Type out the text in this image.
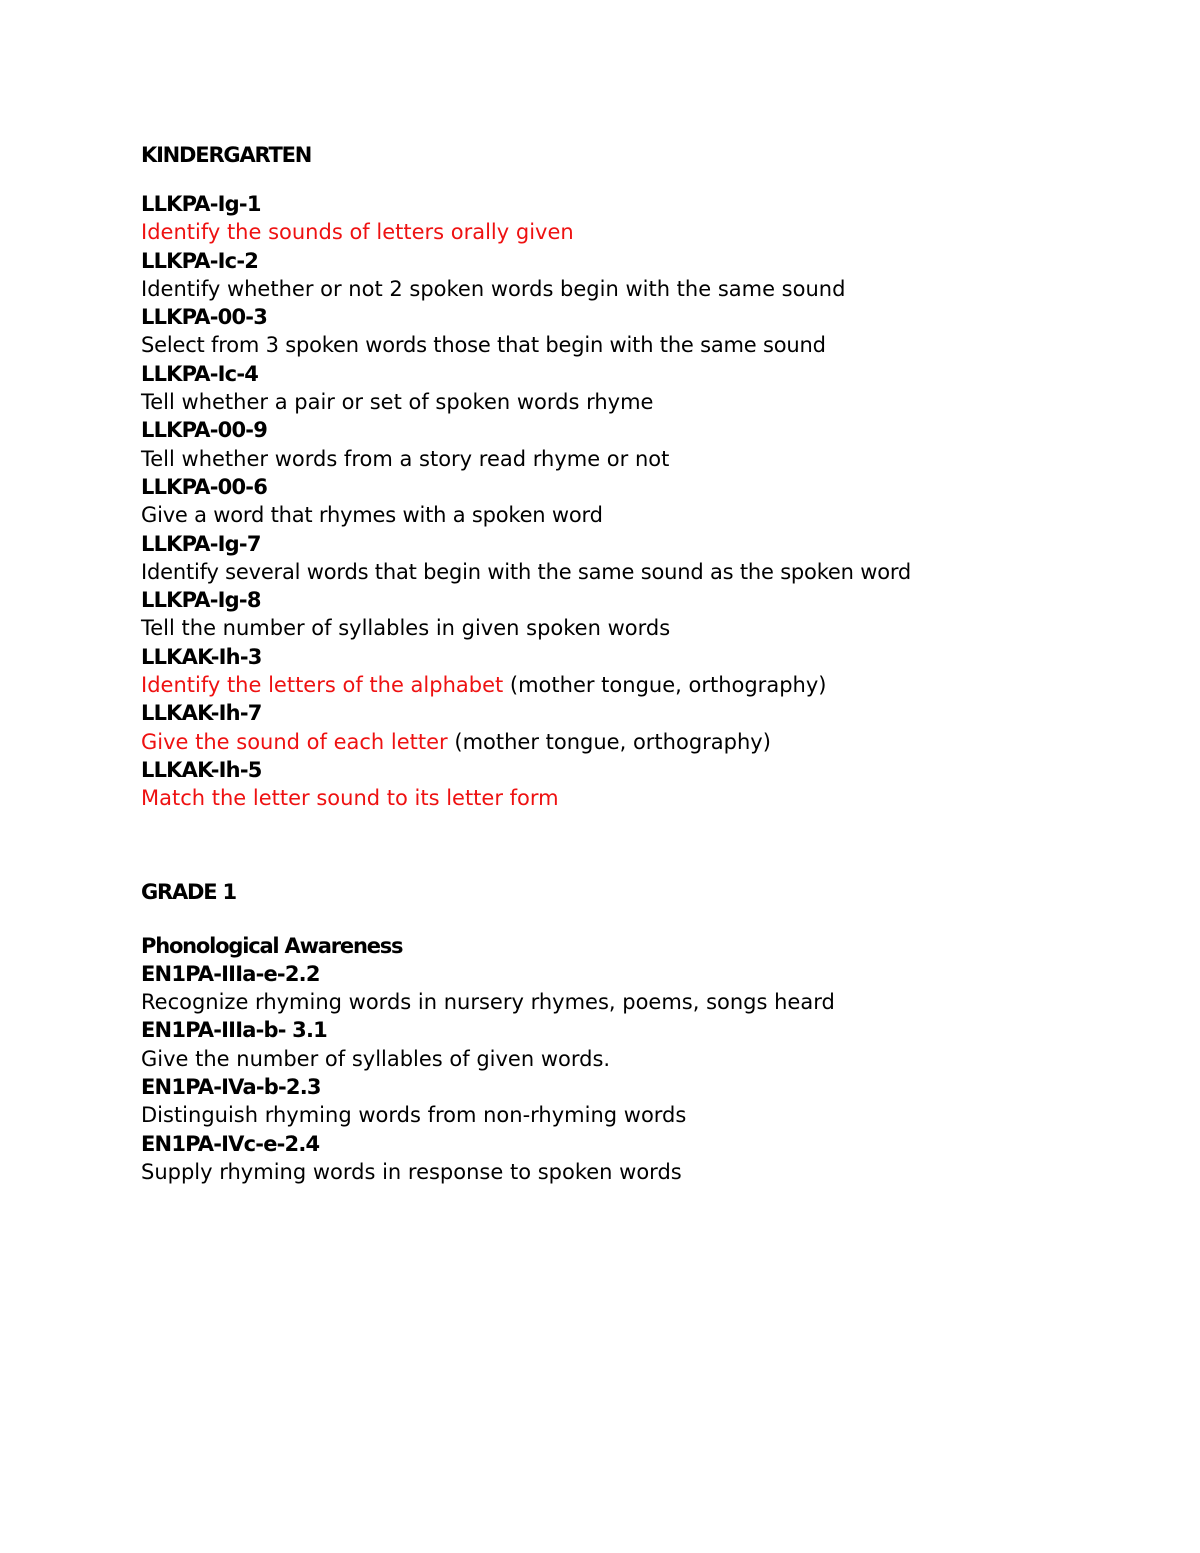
KINDERGARTEN
LLKPA-Ig-1
Identify the sounds of letters orally given
LLKPA-Ic-2
Identify whether or not 2 spoken words begin with the same sound
LLKPA-00-3
Select from 3 spoken words those that begin with the same sound
LLKPA-Ic-4
Tell whether a pair or set of spoken words rhyme
LLKPA-00-9
Tell whether words from a story read rhyme or not
LLKPA-00-6
Give a word that rhymes with a spoken word
LLKPA-Ig-7
Identify several words that begin with the same sound as the spoken word
LLKPA-Ig-8
Tell the number of syllables in given spoken words
LLKAK-Ih-3
Identify the letters of the alphabet (mother tongue, orthography)
LLKAK-Ih-7
Give the sound of each letter (mother tongue, orthography)
LLKAK-Ih-5
Match the letter sound to its letter form
GRADE 1
Phonological Awareness
EN1PA-IIIa-e-2.2
Recognize rhyming words in nursery rhymes, poems, songs heard
EN1PA-IIIa-b- 3.1
Give the number of syllables of given words.
EN1PA-IVa-b-2.3
Distinguish rhyming words from non-rhyming words
EN1PA-IVc-e-2.4
Supply rhyming words in response to spoken words
